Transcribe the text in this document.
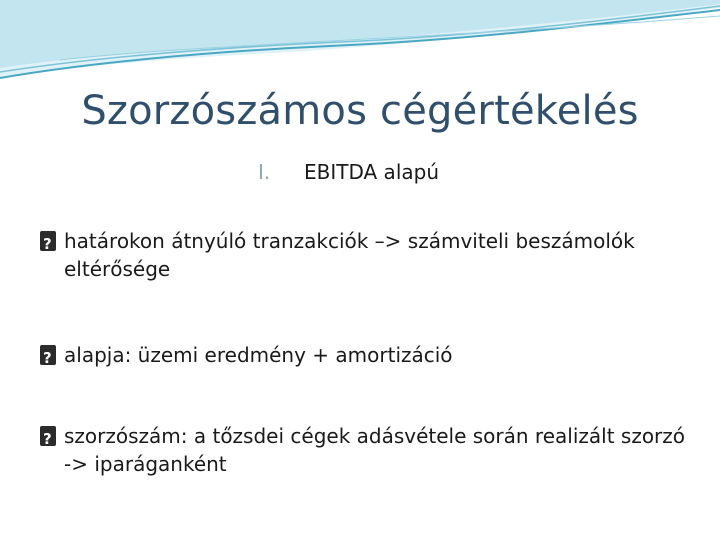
Szorzószámos cégértékelés
I. EBITDA alapú
?
határokon átnyúló tranzakciók –> számviteli beszámolók eltérősége
?
alapja: üzemi eredmény + amortizáció
?
szorzószám: a tőzsdei cégek adásvétele során realizált szorzó -> iparáganként
